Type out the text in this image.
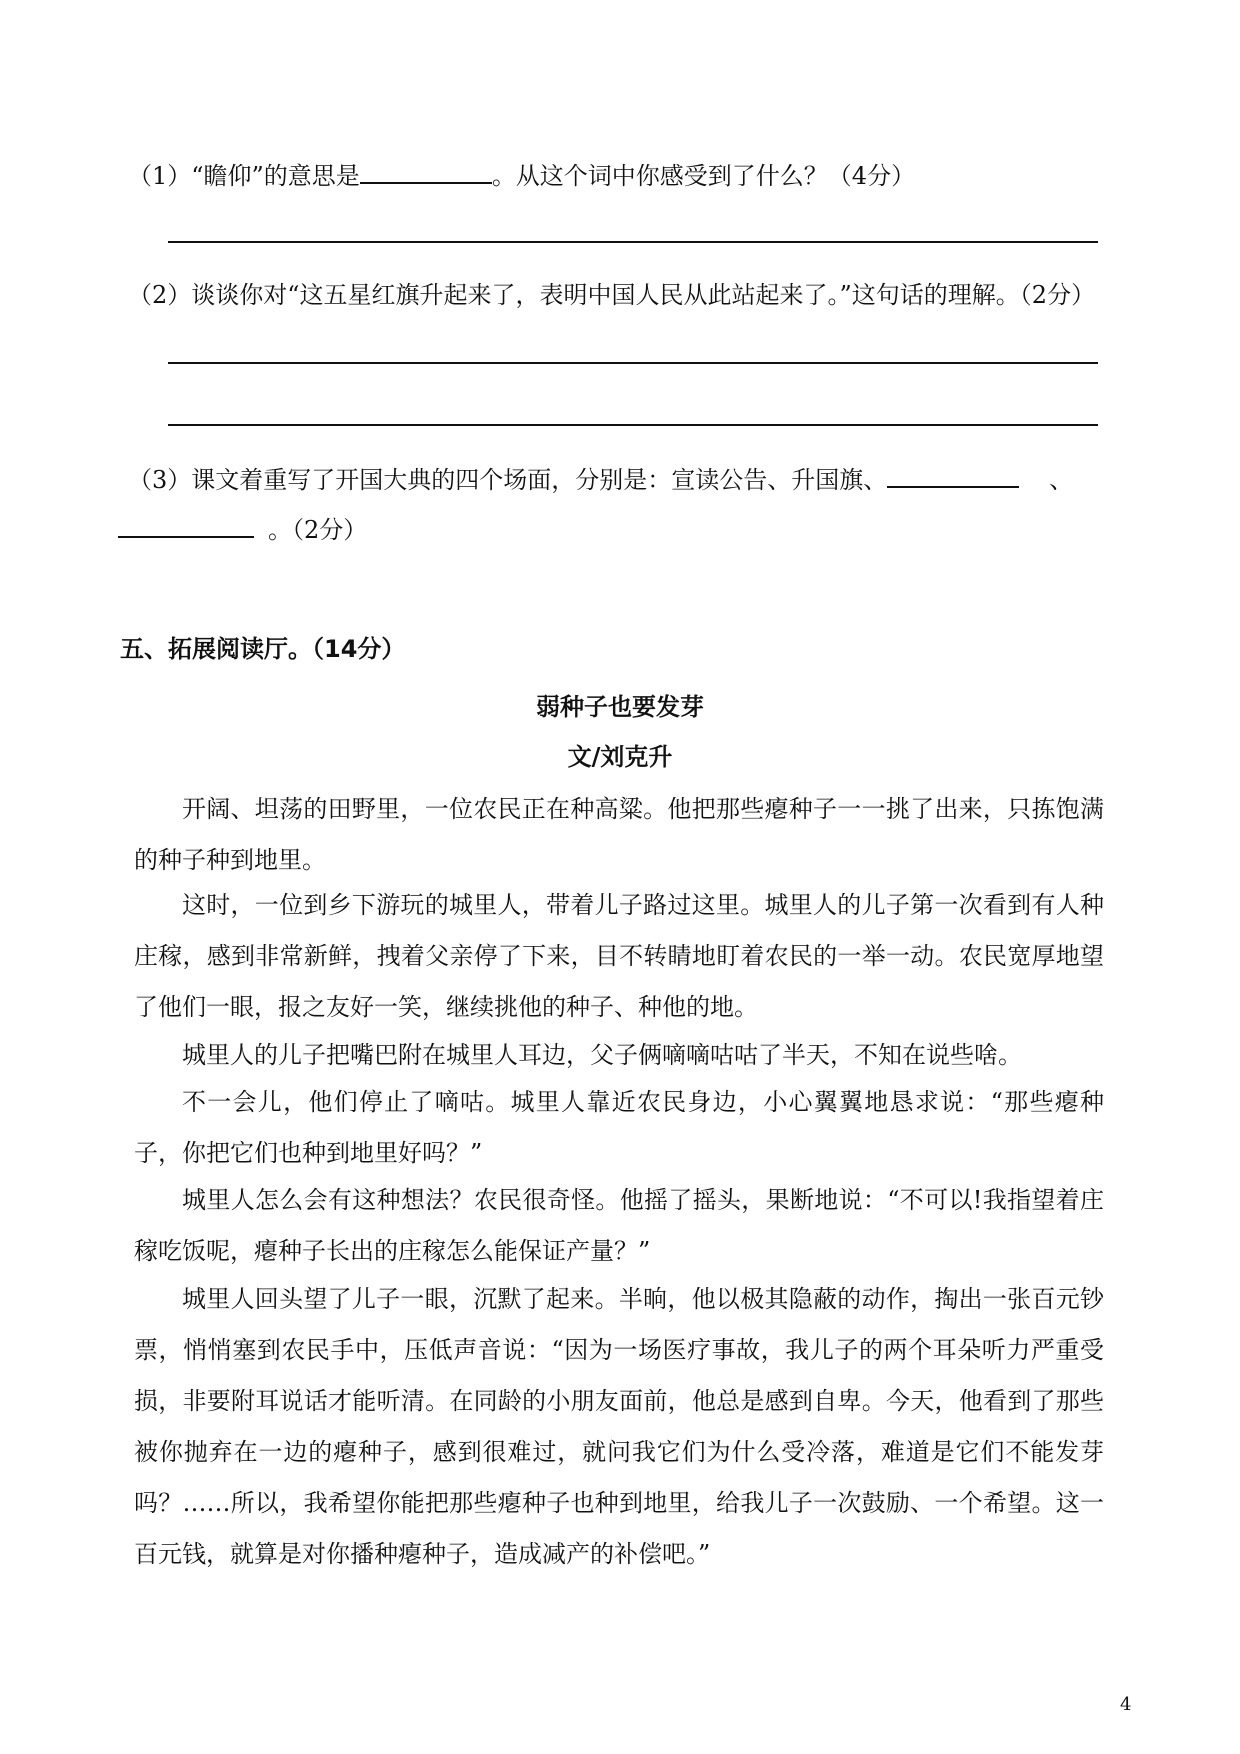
（1）“瞻仰”的意思是	。从这个词中你感受到了什么？（4分）
（2）谈谈你对“这五星红旗升起来了，表明中国人民从此站起来了。”这句话的理解。（2分）
（3）课文着重写了开国大典的四个场面，分别是：宣读公告、升国旗、	、
。（2分）
五、拓展阅读厅。（14分）
弱种子也要发芽
文/刘克升

开阔、坦荡的田野里，一位农民正在种高粱。他把那些瘪种子一一挑了出来，只拣饱满的种子种到地里。

这时，一位到乡下游玩的城里人，带着儿子路过这里。城里人的儿子第一次看到有人种庄稼，感到非常新鲜，拽着父亲停了下来，目不转睛地盯着农民的一举一动。农民宽厚地望了他们一眼，报之友好一笑，继续挑他的种子、种他的地。

城里人的儿子把嘴巴附在城里人耳边，父子俩嘀嘀咕咕了半天，不知在说些啥。

不一会儿，他们停止了嘀咕。城里人靠近农民身边，小心翼翼地恳求说：“那些瘪种子，你把它们也种到地里好吗？”

城里人怎么会有这种想法？农民很奇怪。他摇了摇头，果断地说：“不可以!我指望着庄稼吃饭呢，瘪种子长出的庄稼怎么能保证产量？”

城里人回头望了儿子一眼，沉默了起来。半晌，他以极其隐蔽的动作，掏出一张百元钞票，悄悄塞到农民手中，压低声音说：“因为一场医疗事故，我儿子的两个耳朵听力严重受损，非要附耳说话才能听清。在同龄的小朋友面前，他总是感到自卑。今天，他看到了那些被你抛弃在一边的瘪种子，感到很难过，就问我它们为什么受冷落，难道是它们不能发芽吗？……所以，我希望你能把那些瘪种子也种到地里，给我儿子一次鼓励、一个希望。这一百元钱，就算是对你播种瘪种子，造成减产的补偿吧。”

4
